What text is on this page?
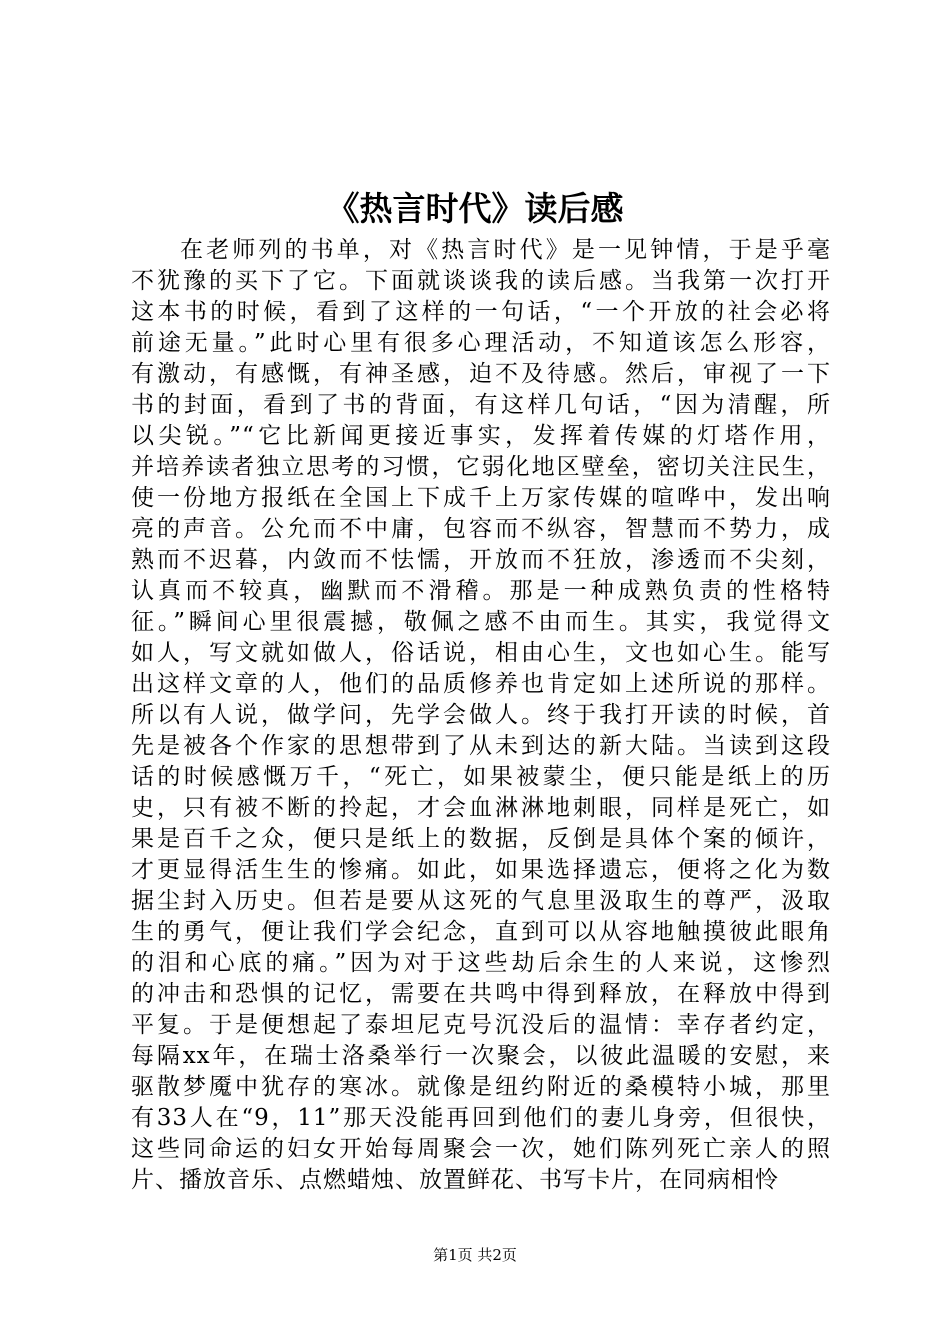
《热言时代》读后感
在老师列的书单，对《热言时代》是一见钟情，于是乎毫
不犹豫的买下了它。下面就谈谈我的读后感。当我第一次打开
这本书的时候，看到了这样的一句话，“一个开放的社会必将
前途无量。”此时心里有很多心理活动，不知道该怎么形容，
有激动，有感慨，有神圣感，迫不及待感。然后，审视了一下
书的封面，看到了书的背面，有这样几句话，“因为清醒，所
以尖锐。”“它比新闻更接近事实，发挥着传媒的灯塔作用，
并培养读者独立思考的习惯，它弱化地区壁垒，密切关注民生，
使一份地方报纸在全国上下成千上万家传媒的喧哗中，发出响
亮的声音。公允而不中庸，包容而不纵容，智慧而不势力，成
熟而不迟暮，内敛而不怯懦，开放而不狂放，渗透而不尖刻，
认真而不较真，幽默而不滑稽。那是一种成熟负责的性格特
征。”瞬间心里很震撼，敬佩之感不由而生。其实，我觉得文
如人，写文就如做人，俗话说，相由心生，文也如心生。能写
出这样文章的人，他们的品质修养也肯定如上述所说的那样。
所以有人说，做学问，先学会做人。终于我打开读的时候，首
先是被各个作家的思想带到了从未到达的新大陆。当读到这段
话的时候感慨万千，“死亡，如果被蒙尘，便只能是纸上的历
史，只有被不断的拎起，才会血淋淋地刺眼，同样是死亡，如
果是百千之众，便只是纸上的数据，反倒是具体个案的倾许，
才更显得活生生的惨痛。如此，如果选择遗忘，便将之化为数
据尘封入历史。但若是要从这死的气息里汲取生的尊严，汲取
生的勇气，便让我们学会纪念，直到可以从容地触摸彼此眼角
的泪和心底的痛。”因为对于这些劫后余生的人来说，这惨烈
的冲击和恐惧的记忆，需要在共鸣中得到释放，在释放中得到
平复。于是便想起了泰坦尼克号沉没后的温情：幸存者约定，
每隔xx年，在瑞士洛桑举行一次聚会，以彼此温暖的安慰，来
驱散梦魇中犹存的寒冰。就像是纽约附近的桑模特小城，那里
有33人在“9，11”那天没能再回到他们的妻儿身旁，但很快，
这些同命运的妇女开始每周聚会一次，她们陈列死亡亲人的照
片、播放音乐、点燃蜡烛、放置鲜花、书写卡片，在同病相怜
第1页 共2页
